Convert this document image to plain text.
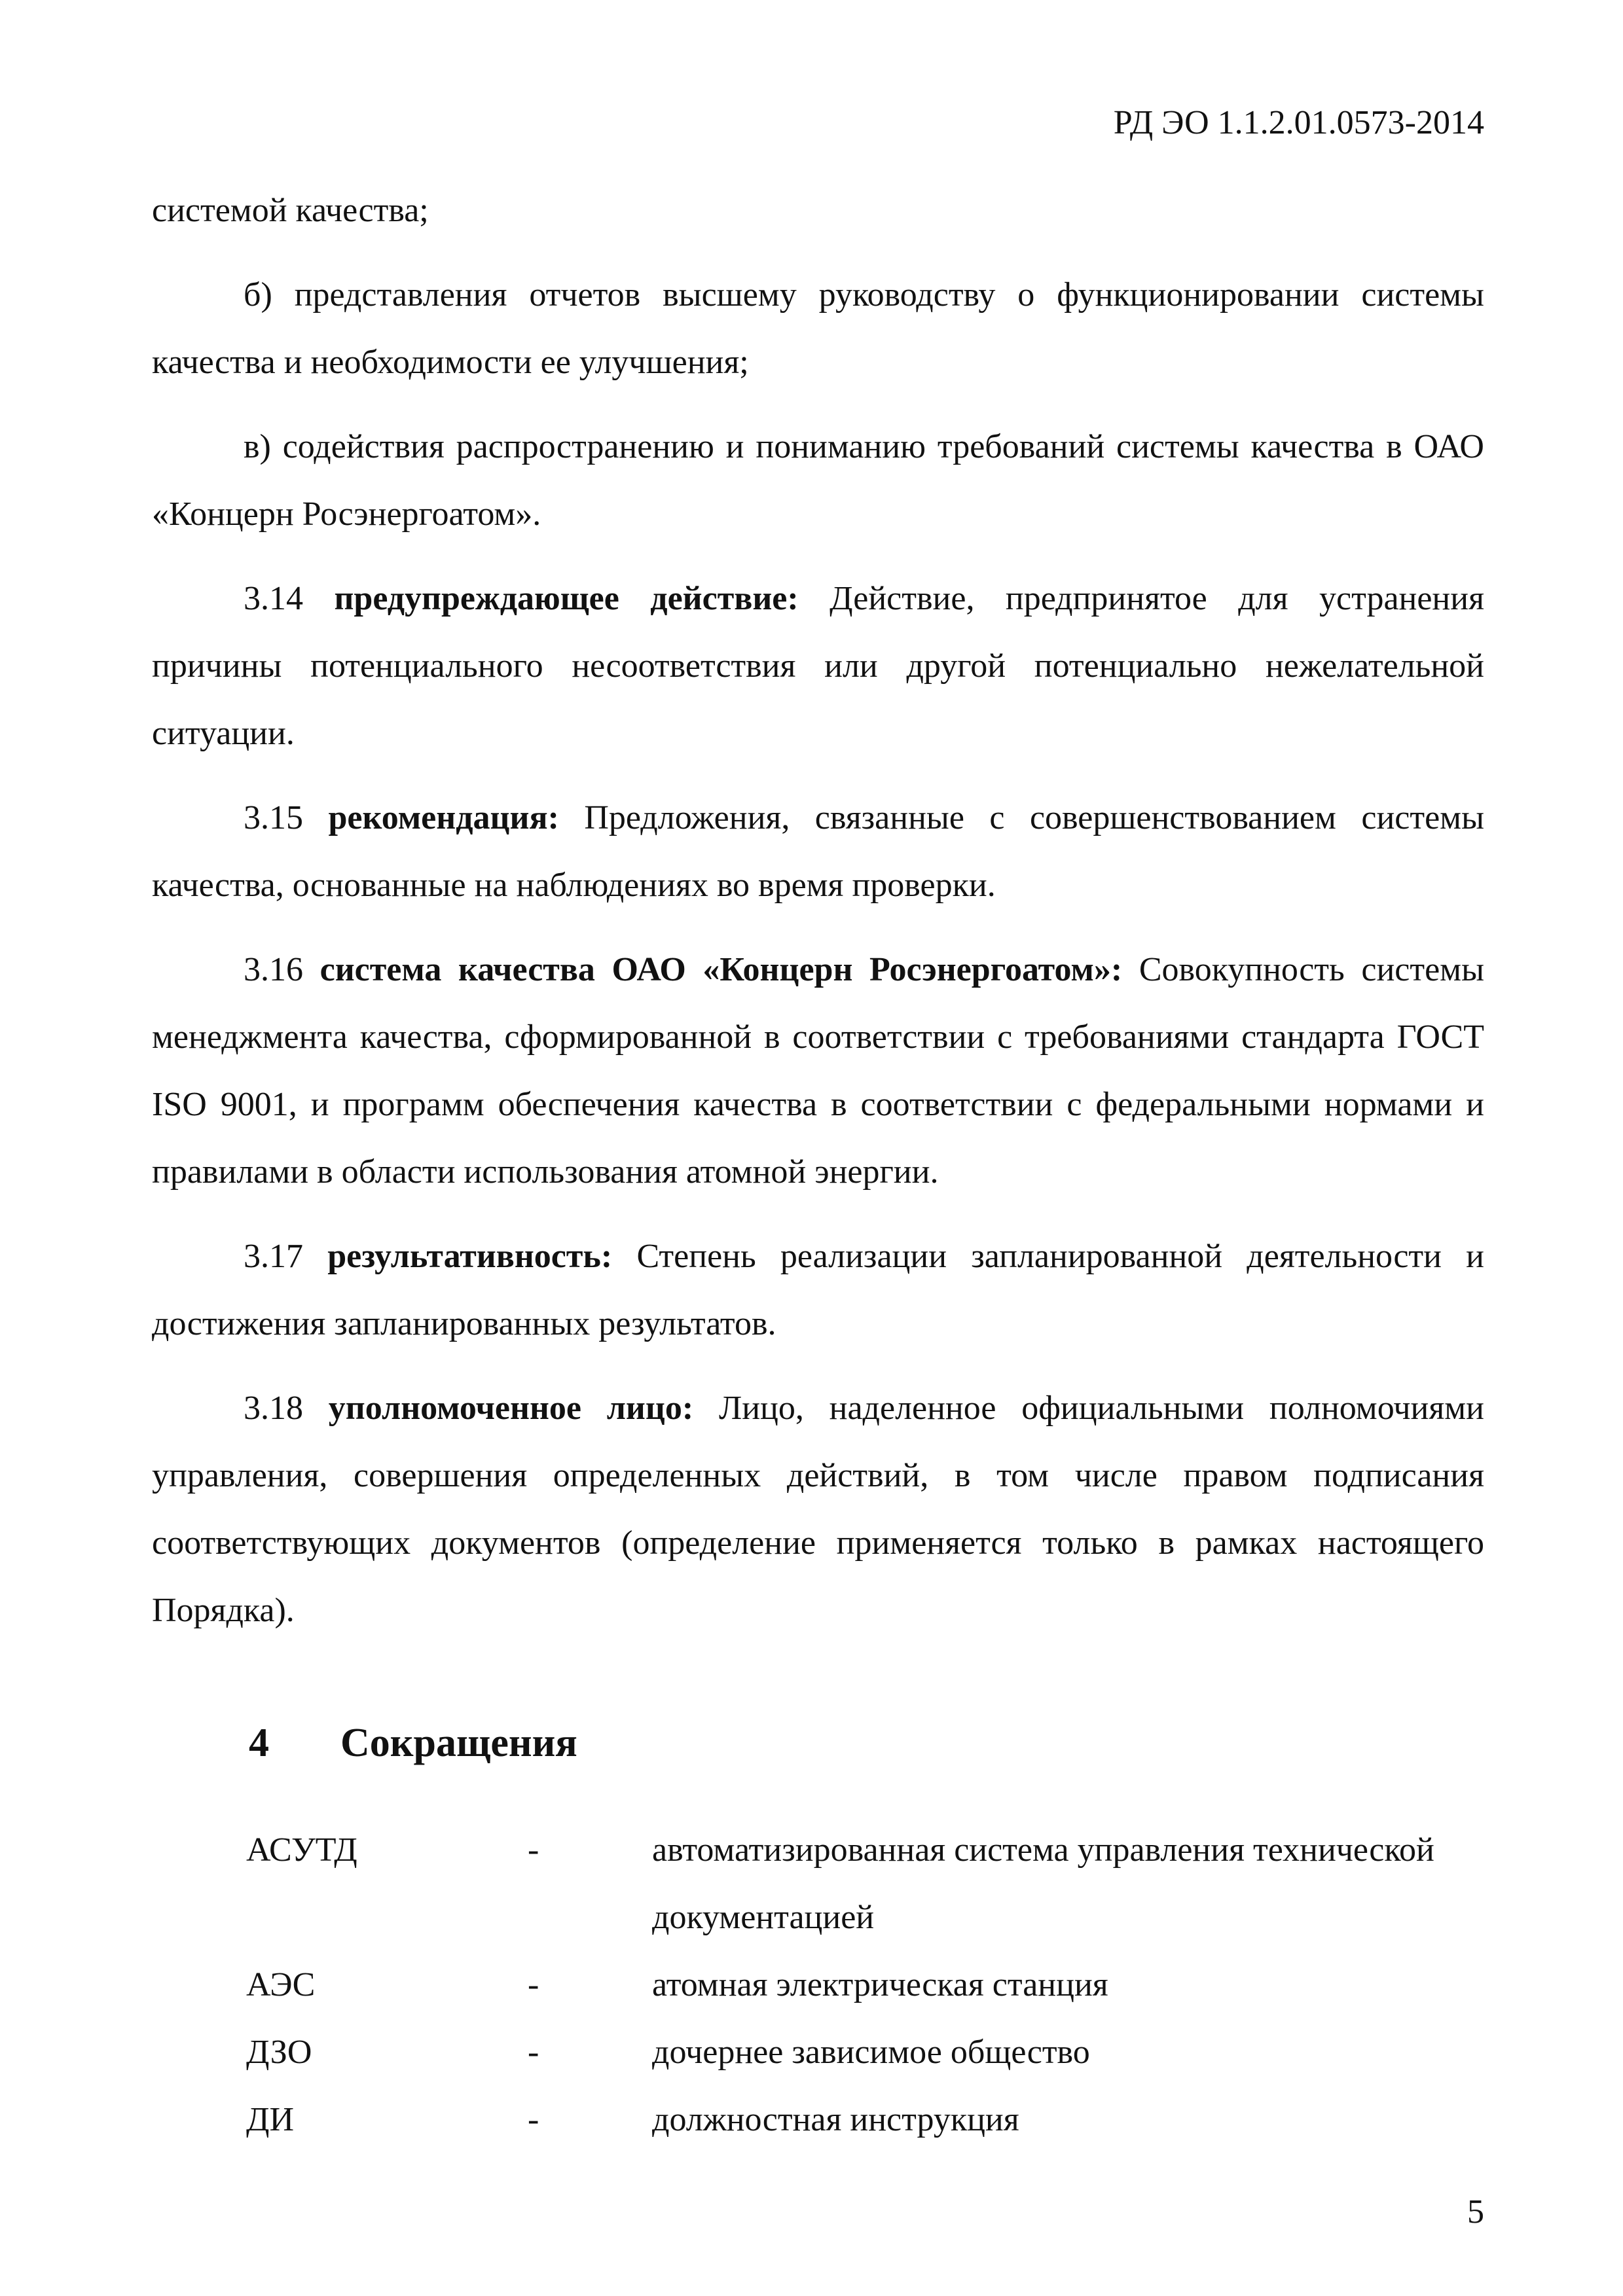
РД ЭО 1.1.2.01.0573-2014

системой качества;

б) представления отчетов высшему руководству о функционировании системы качества и необходимости ее улучшения;

в) содействия распространению и пониманию требований системы качества в ОАО «Концерн Росэнергоатом».

3.14 предупреждающее действие: Действие, предпринятое для устранения причины потенциального несоответствия или другой потенциально нежелательной ситуации.

3.15 рекомендация: Предложения, связанные с совершенствованием системы качества, основанные на наблюдениях во время проверки.

3.16 система качества ОАО «Концерн Росэнергоатом»: Совокупность системы менеджмента качества, сформированной в соответствии с требованиями стандарта ГОСТ ISO 9001, и программ обеспечения качества в соответствии с федеральными нормами и правилами в области использования атомной энергии.

3.17 результативность: Степень реализации запланированной деятельности и достижения запланированных результатов.

3.18 уполномоченное лицо: Лицо, наделенное официальными полномочиями управления, совершения определенных действий, в том числе правом подписания соответствующих документов (определение применяется только в рамках настоящего Порядка).

4	Сокращения
АСУТД	-	автоматизированная система управления технической документацией
АЭС	-	атомная электрическая станция
ДЗО	-	дочернее зависимое общество
ДИ	-	должностная инструкция
5
